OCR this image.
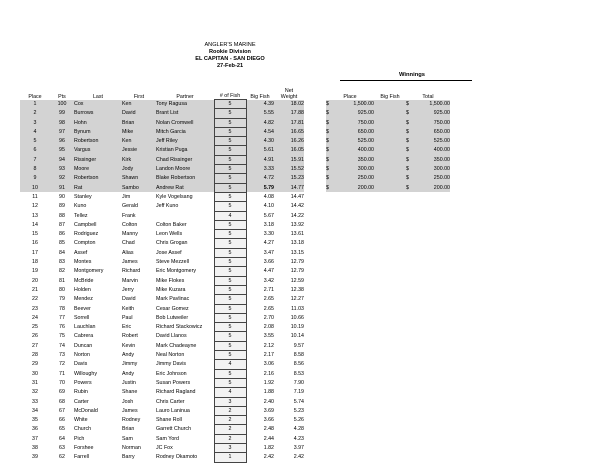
ANGLER'S MARINE
Rookie Division
EL CAPITAN - SAN DIEGO
27-Feb-21
Winnings
Place	Pts	Last	First	Partner	# of Fish	Big Fish	Net
Weight		Place		Big Fish	Total	
1	100	Cox	Ken	Tony Ragusa	5	4.39	18.02		$	1,500.00		$	1,500.00
2	99	Burrows	David	Brant List	5	5.55	17.88		$	925.00		$	925.00
3	98	Hohn	Brian	Nolan Cromwell	5	4.82	17.81		$	750.00		$	750.00
4	97	Bynum	Mike	Mitch Garcia	5	4.54	16.65		$	650.00		$	650.00
5	96	Robertson	Ken	Jeff Riley	5	4.30	16.26		$	525.00		$	525.00
6	95	Vargus	Jessie	Kristian Puga	5	5.61	16.05		$	400.00		$	400.00
7	94	Rissinger	Kirk	Chad Rissinger	5	4.91	15.91		$	350.00		$	350.00
8	93	Moore	Jody	Landon Moore	5	3.33	15.52		$	300.00		$	300.00
9	92	Robertson	Shawn	Blake Robertson	5	4.72	15.23		$	250.00		$	250.00
10	91	Rat	Sambo	Andrew Rat	5	5.79	14.77		$	200.00		$	200.00
11	90	Stanley	Jim	Kyle Vogelsang	5	4.08	14.47						
12	89	Kuno	Gerald	Jeff Kuno	5	4.10	14.42						
13	88	Tellez	Frank		4	5.67	14.22						
14	87	Campbell	Colton	Colton Baker	5	3.18	13.92						
15	86	Rodriguez	Manny	Leon Wells	5	3.30	13.61						
16	85	Compton	Chad	Chris Grogan	5	4.27	13.18						
17	84	Assef	Alias	Jose Assef	5	3.47	13.15						
18	83	Montes	James	Steve Mezzell	5	3.66	12.79						
19	82	Montgomery	Richard	Eric Montgomery	5	4.47	12.79						
20	81	McBride	Marvin	Mike Flokes	5	3.42	12.59						
21	80	Holden	Jerry	Mike Kuzara	5	2.71	12.38						
22	79	Mendez	David	Mark Pavlinac	5	2.65	12.27						
23	78	Beever	Keith	Cesar Gomez	5	2.65	11.03						
24	77	Sorrell	Paul	Bob Lutweiler	5	2.70	10.66						
25	76	Lauchlan	Eric	Richard Stackowicz	5	2.08	10.19						
26	75	Cabrera	Robert	David Llanos	5	3.55	10.14						
27	74	Duncan	Kevin	Mark Chadeayne	5	2.12	9.57						
28	73	Norton	Andy	Neal Norton	5	2.17	8.58						
29	72	Davis	Jimmy	Jimmy Davis	4	3.06	8.56						
30	71	Willoughy	Andy	Eric Johnson	5	2.16	8.53						
31	70	Powers	Justin	Susan Powers	5	1.92	7.90						
32	69	Rubin	Shane	Richard Ragland	4	1.88	7.19						
33	68	Carter	Josh	Chris Carter	3	2.40	5.74						
34	67	McDonald	James	Lauro Laninua	2	3.69	5.23						
35	66	White	Rodney	Shane Roll	2	3.66	5.26						
36	65	Church	Brian	Garrett Church	2	2.48	4.28						
37	64	Pich	Sam	Sam Yord	2	2.44	4.23						
38	63	Forshee	Norman	JC Fox	3	1.82	3.97						
39	62	Farrell	Barry	Rodney Okamoto	1	2.42	2.42						
